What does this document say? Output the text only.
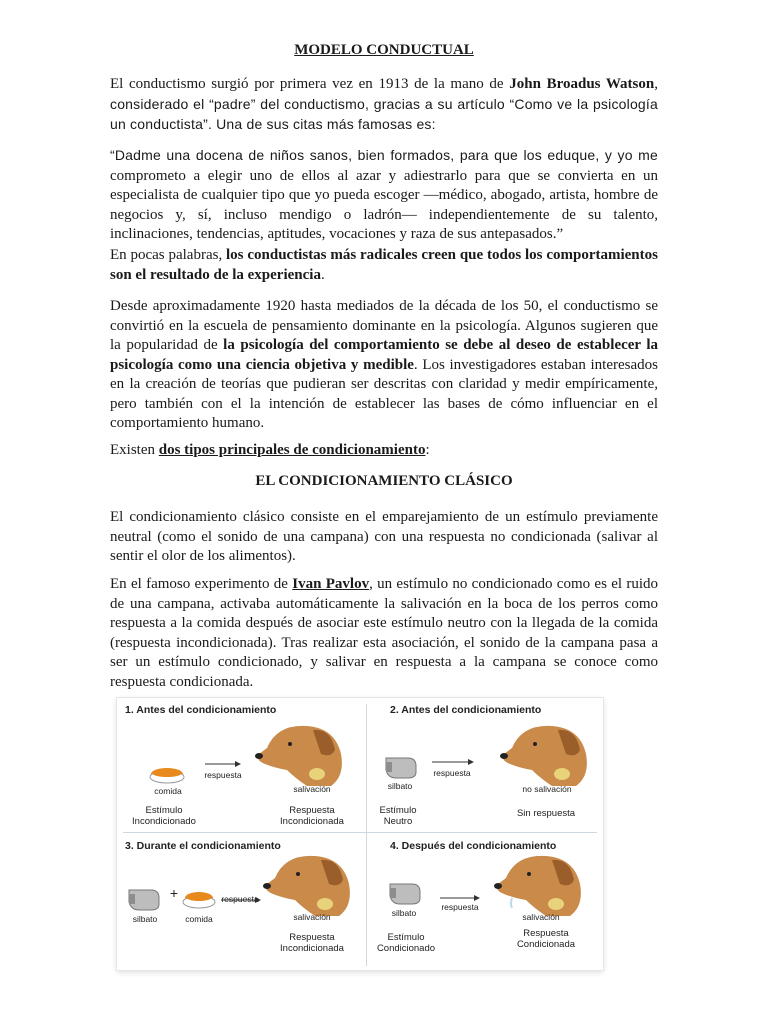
MODELO CONDUCTUAL

El conductismo surgió por primera vez en 1913 de la mano de John Broadus Watson, considerado el “padre” del conductismo, gracias a su artículo “Como ve la psicología un conductista”. Una de sus citas más famosas es:

“Dadme una docena de niños sanos, bien formados, para que los eduque, y yo me comprometo a elegir uno de ellos al azar y adiestrarlo para que se convierta en un especialista de cualquier tipo que yo pueda escoger —médico, abogado, artista, hombre de negocios y, sí, incluso mendigo o ladrón— independientemente de su talento, inclinaciones, tendencias, aptitudes, vocaciones y raza de sus antepasados.”

En pocas palabras, los conductistas más radicales creen que todos los comportamientos son el resultado de la experiencia.

Desde aproximadamente 1920 hasta mediados de la década de los 50, el conductismo se convirtió en la escuela de pensamiento dominante en la psicología. Algunos sugieren que la popularidad de la psicología del comportamiento se debe al deseo de establecer la psicología como una ciencia objetiva y medible. Los investigadores estaban interesados en la creación de teorías que pudieran ser descritas con claridad y medir empíricamente, pero también con el la intención de establecer las bases de cómo influenciar en el comportamiento humano.

Existen dos tipos principales de condicionamiento:

EL CONDICIONAMIENTO CLÁSICO

El condicionamiento clásico consiste en el emparejamiento de un estímulo previamente neutral (como el sonido de una campana) con una respuesta no condicionada (salivar al sentir el olor de los alimentos).

En el famoso experimento de Ivan Pavlov, un estímulo no condicionado como es el ruido de una campana, activaba automáticamente la salivación en la boca de los perros como respuesta a la comida después de asociar este estímulo neutro con la llegada de la comida (respuesta incondicionada). Tras realizar esta asociación, el sonido de la campana pasa a ser un estímulo condicionado, y salivar en respuesta a la campana se conoce como respuesta condicionada.

1. Antes del condicionamiento
comida
respuesta
salivación
Estímulo
Incondicionado
Respuesta
Incondicionada
2. Antes del condicionamiento
silbato
respuesta
no salivación
Estímulo
Neutro
Sin respuesta
3. Durante el condicionamiento
+
silbato	comida
respuesta
salivación
Respuesta
Incondicionada
4. Después del condicionamiento
silbato
respuesta
salivación
Estímulo
Condicionado
Respuesta
Condicionada
